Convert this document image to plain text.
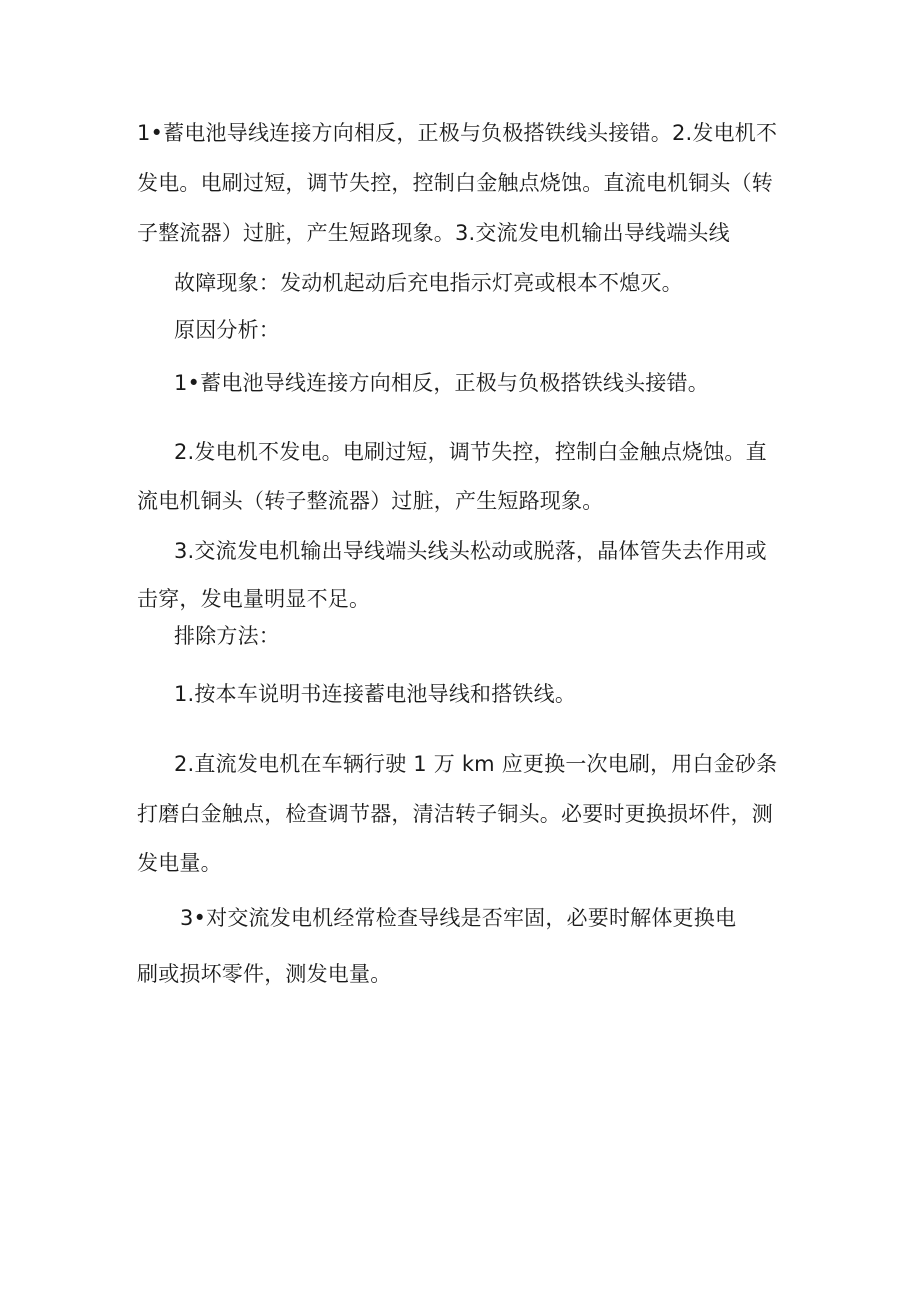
1•蓄电池导线连接方向相反，正极与负极搭铁线头接错。2.发电机不
发电。电刷过短，调节失控，控制白金触点烧蚀。直流电机铜头（转
子整流器）过脏，产生短路现象。3.交流发电机输出导线端头线
故障现象：发动机起动后充电指示灯亮或根本不熄灭。
原因分析：
1•蓄电池导线连接方向相反，正极与负极搭铁线头接错。
2.发电机不发电。电刷过短，调节失控，控制白金触点烧蚀。直
流电机铜头（转子整流器）过脏，产生短路现象。
3.交流发电机输出导线端头线头松动或脱落，晶体管失去作用或
击穿，发电量明显不足。
排除方法：
1.按本车说明书连接蓄电池导线和搭铁线。
2.直流发电机在车辆行驶 1 万 km 应更换一次电刷，用白金砂条
打磨白金触点，检查调节器，清洁转子铜头。必要时更换损坏件，测
发电量。
3•对交流发电机经常检查导线是否牢固，必要时解体更换电
刷或损坏零件，测发电量。
